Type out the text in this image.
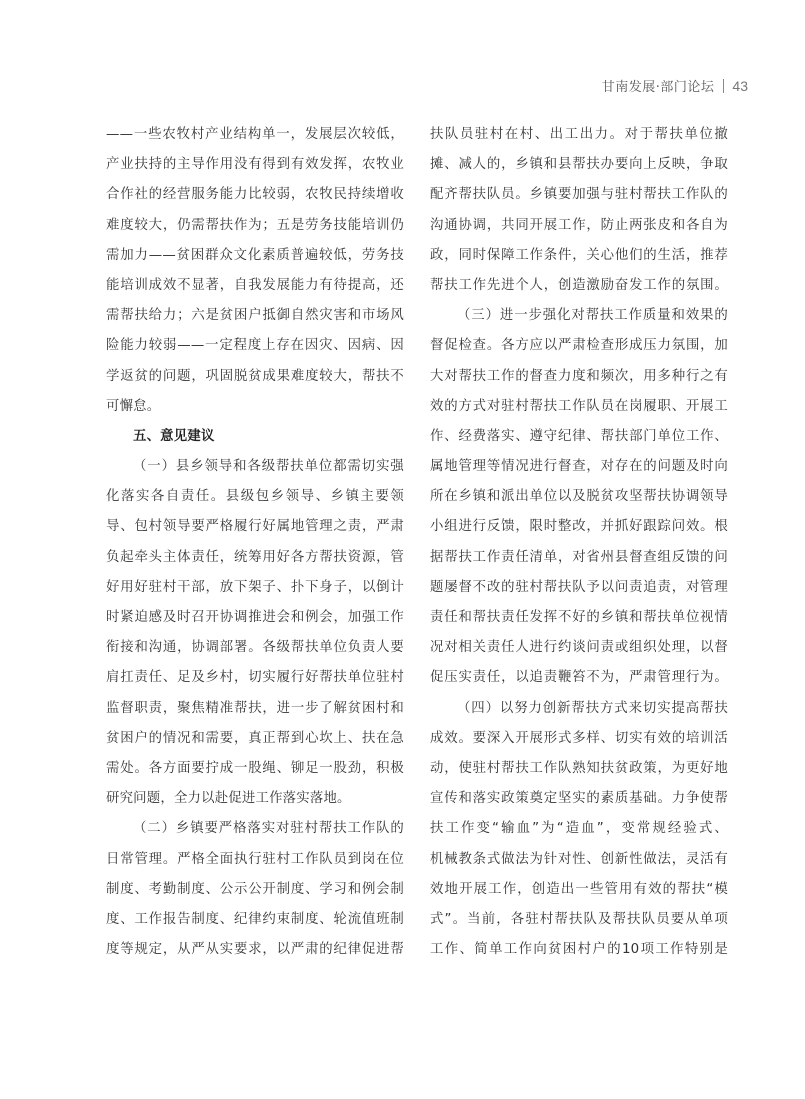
甘南发展·部门论坛 43
——一些农牧村产业结构单一，发展层次较低，
产业扶持的主导作用没有得到有效发挥，农牧业
合作社的经营服务能力比较弱，农牧民持续增收
难度较大，仍需帮扶作为；五是劳务技能培训仍
需加力——贫困群众文化素质普遍较低，劳务技
能培训成效不显著，自我发展能力有待提高，还
需帮扶给力；六是贫困户抵御自然灾害和市场风
险能力较弱——一定程度上存在因灾、因病、因
学返贫的问题，巩固脱贫成果难度较大，帮扶不
可懈怠。
五、意见建议
（一）县乡领导和各级帮扶单位都需切实强
化落实各自责任。县级包乡领导、乡镇主要领
导、包村领导要严格履行好属地管理之责，严肃
负起牵头主体责任，统筹用好各方帮扶资源，管
好用好驻村干部，放下架子、扑下身子，以倒计
时紧迫感及时召开协调推进会和例会，加强工作
衔接和沟通，协调部署。各级帮扶单位负责人要
肩扛责任、足及乡村，切实履行好帮扶单位驻村
监督职责，聚焦精准帮扶，进一步了解贫困村和
贫困户的情况和需要，真正帮到心坎上、扶在急
需处。各方面要拧成一股绳、铆足一股劲，积极
研究问题，全力以赴促进工作落实落地。
（二）乡镇要严格落实对驻村帮扶工作队的
日常管理。严格全面执行驻村工作队员到岗在位
制度、考勤制度、公示公开制度、学习和例会制
度、工作报告制度、纪律约束制度、轮流值班制
度等规定，从严从实要求，以严肃的纪律促进帮
扶队员驻村在村、出工出力。对于帮扶单位撤
摊、减人的，乡镇和县帮扶办要向上反映，争取
配齐帮扶队员。乡镇要加强与驻村帮扶工作队的
沟通协调，共同开展工作，防止两张皮和各自为
政，同时保障工作条件，关心他们的生活，推荐
帮扶工作先进个人，创造激励奋发工作的氛围。
（三）进一步强化对帮扶工作质量和效果的
督促检查。各方应以严肃检查形成压力氛围，加
大对帮扶工作的督查力度和频次，用多种行之有
效的方式对驻村帮扶工作队员在岗履职、开展工
作、经费落实、遵守纪律、帮扶部门单位工作、
属地管理等情况进行督查，对存在的问题及时向
所在乡镇和派出单位以及脱贫攻坚帮扶协调领导
小组进行反馈，限时整改，并抓好跟踪问效。根
据帮扶工作责任清单，对省州县督查组反馈的问
题屡督不改的驻村帮扶队予以问责追责，对管理
责任和帮扶责任发挥不好的乡镇和帮扶单位视情
况对相关责任人进行约谈问责或组织处理，以督
促压实责任，以追责鞭笞不为，严肃管理行为。
（四）以努力创新帮扶方式来切实提高帮扶
成效。要深入开展形式多样、切实有效的培训活
动，使驻村帮扶工作队熟知扶贫政策，为更好地
宣传和落实政策奠定坚实的素质基础。力争使帮
扶工作变“输血”为“造血”，变常规经验式、
机械教条式做法为针对性、创新性做法，灵活有
效地开展工作，创造出一些管用有效的帮扶“模
式”。当前，各驻村帮扶队及帮扶队员要从单项
工作、简单工作向贫困村户的10项工作特别是
